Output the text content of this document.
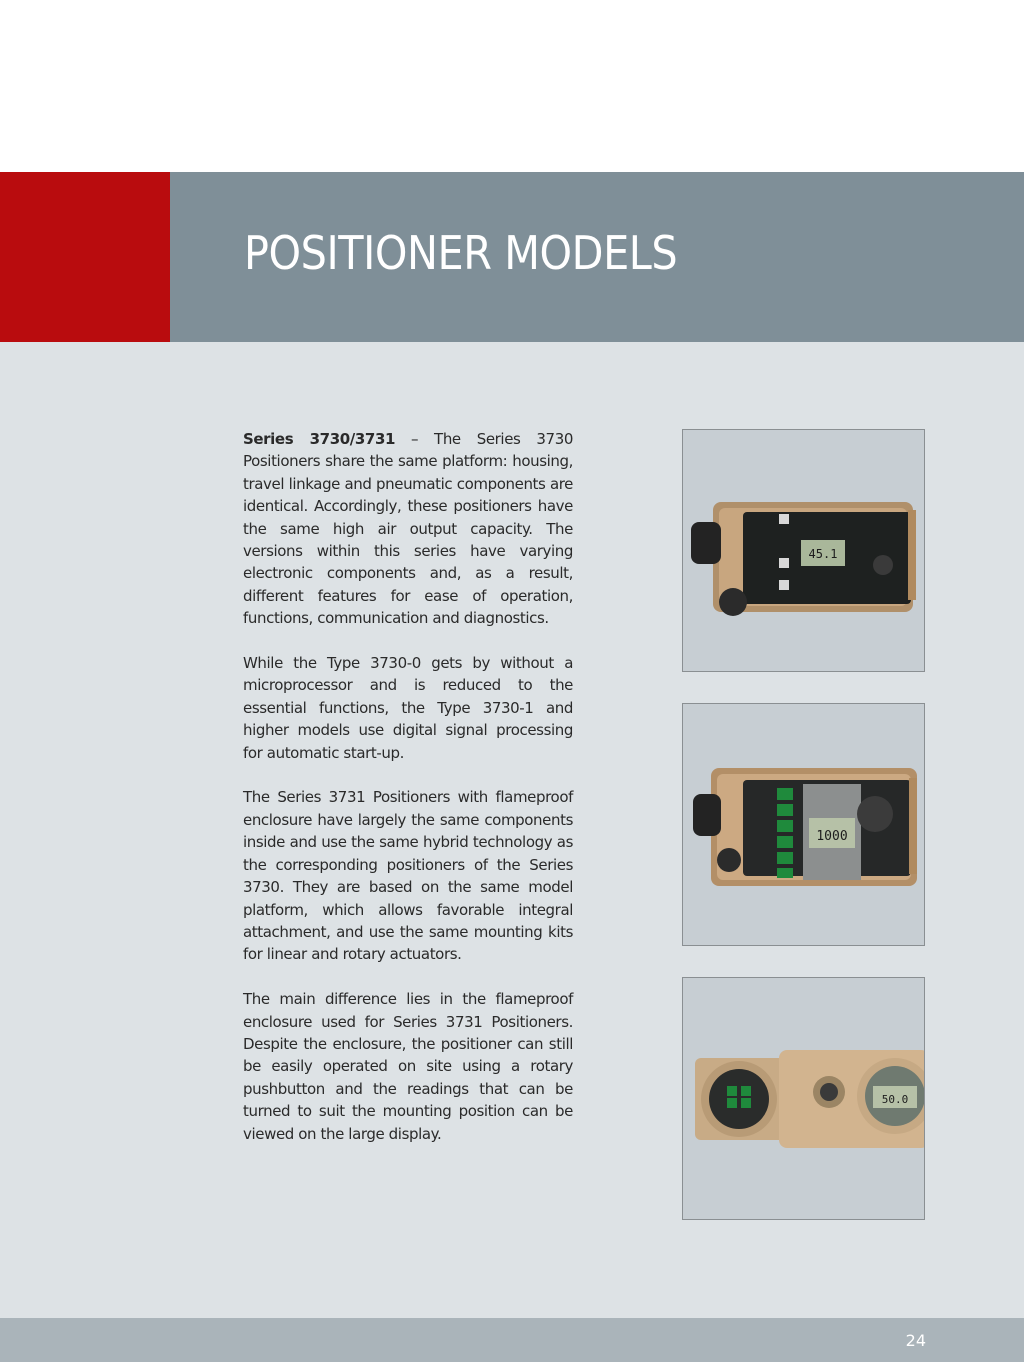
POSITIONER MODELS

Series 3730/3731 – The Series 3730 Positioners share the same platform: housing, travel linkage and pneumatic components are identical. Accordingly, these positioners have the same high air output capacity. The versions within this series have varying electronic components and, as a result, different features for ease of operation, functions, communication and diagnostics.

While the Type 3730-0 gets by without a microprocessor and is reduced to the essential functions, the Type 3730-1 and higher models use digital signal processing for automatic start-up.

The Series 3731 Positioners with flameproof enclosure have largely the same components inside and use the same hybrid technology as the corresponding positioners of the Series 3730. They are based on the same model platform, which allows favorable integral attachment, and use the same mounting kits for linear and rotary actuators.

The main difference lies in the flameproof enclosure used for Series 3731 Positioners. Despite the enclosure, the positioner can still be easily operated on site using a rotary pushbutton and the readings that can be turned to suit the mounting position can be viewed on the large display.

45.1
1000
50.0
24
